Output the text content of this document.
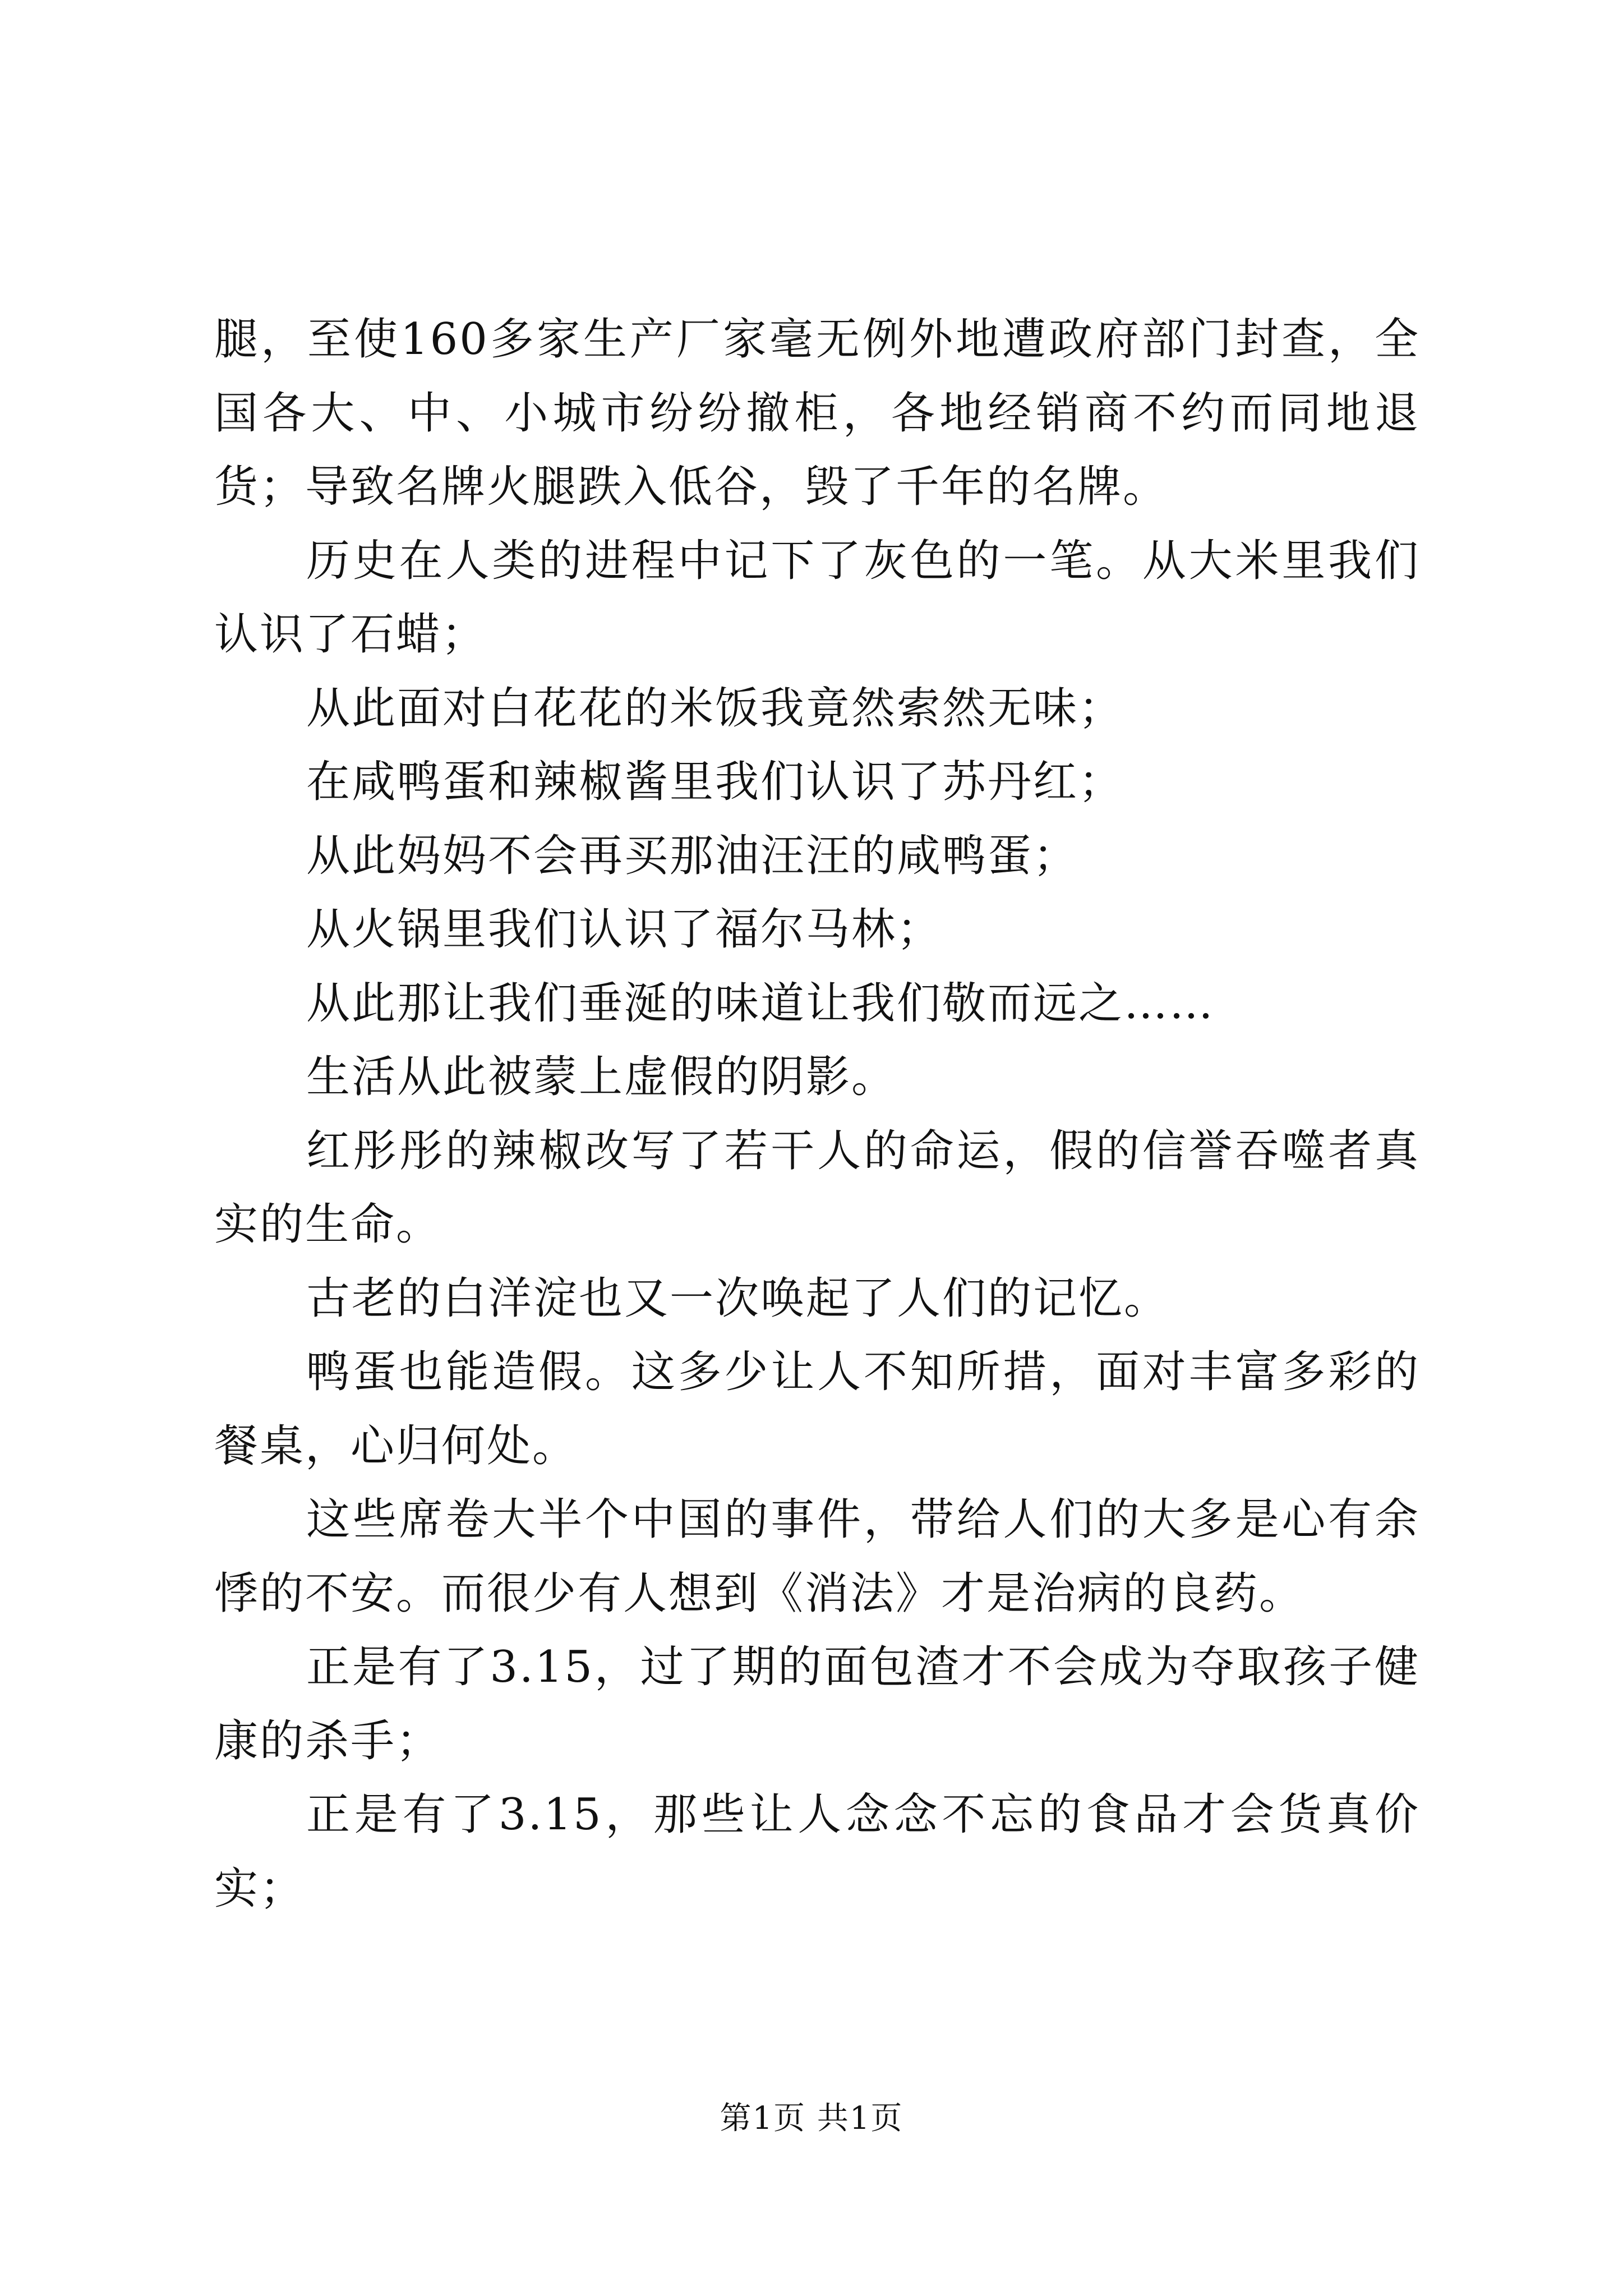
腿，至使160多家生产厂家毫无例外地遭政府部门封查，全国各大、中、小城市纷纷撤柜，各地经销商不约而同地退货；导致名牌火腿跌入低谷，毁了千年的名牌。

历史在人类的进程中记下了灰色的一笔。从大米里我们认识了石蜡；

从此面对白花花的米饭我竟然索然无味；

在咸鸭蛋和辣椒酱里我们认识了苏丹红；

从此妈妈不会再买那油汪汪的咸鸭蛋；

从火锅里我们认识了福尔马林；

从此那让我们垂涎的味道让我们敬而远之……

生活从此被蒙上虚假的阴影。

红彤彤的辣椒改写了若干人的命运，假的信誉吞噬者真实的生命。

古老的白洋淀也又一次唤起了人们的记忆。

鸭蛋也能造假。这多少让人不知所措，面对丰富多彩的餐桌，心归何处。

这些席卷大半个中国的事件，带给人们的大多是心有余悸的不安。而很少有人想到《消法》才是治病的良药。

正是有了3.15，过了期的面包渣才不会成为夺取孩子健康的杀手；

正是有了3.15，那些让人念念不忘的食品才会货真价实；

第1页 共1页
